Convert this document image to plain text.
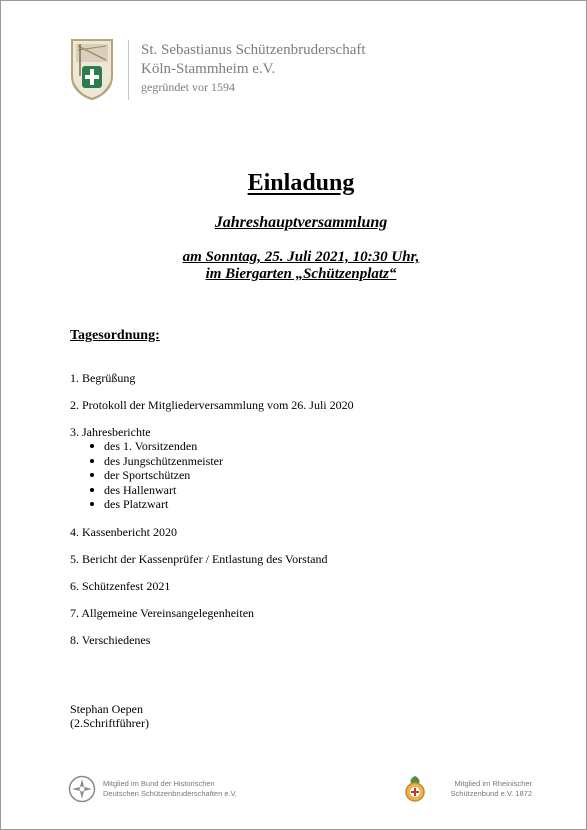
St. Sebastianus Schützenbruderschaft
Köln-Stammheim e.V.
gegründet vor 1594
Einladung
Jahreshauptversammlung
am Sonntag, 25. Juli 2021, 10:30 Uhr,
im Biergarten „Schützenplatz“
Tagesordnung:
1. Begrüßung
2. Protokoll der Mitgliederversammlung vom 26. Juli 2020
3. Jahresberichte
des 1. Vorsitzenden
des Jungschützenmeister
der Sportschützen
des Hallenwart
des Platzwart
4. Kassenbericht 2020
5. Bericht der Kassenprüfer / Entlastung des Vorstand
6. Schützenfest 2021
7. Allgemeine Vereinsangelegenheiten
8. Verschiedenes
Stephan Oepen
(2.Schriftführer)
Mitglied im Bund der Historischen
Deutschen Schützenbruderschaften e.V.
Mitglied im Rheinischer
Schützenbund e.V. 1872
